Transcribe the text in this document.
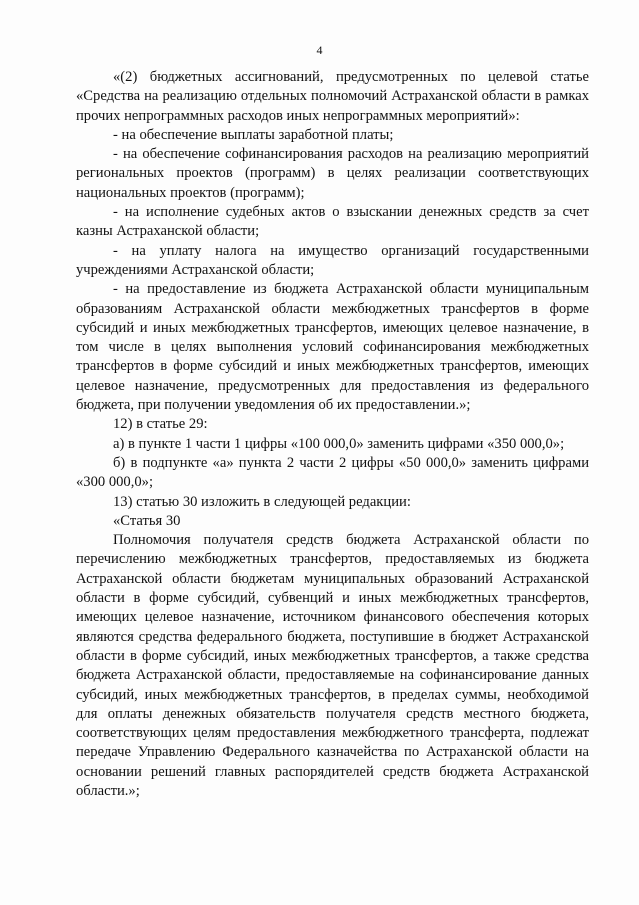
4

«(2) бюджетных ассигнований, предусмотренных по целевой статье «Средства на реализацию отдельных полномочий Астраханской области в рамках прочих непрограммных расходов иных непрограммных мероприятий»:

- на обеспечение выплаты заработной платы;

- на обеспечение софинансирования расходов на реализацию мероприятий региональных проектов (программ) в целях реализации соответствующих национальных проектов (программ);

- на исполнение судебных актов о взыскании денежных средств за счет казны Астраханской области;

- на уплату налога на имущество организаций государственными учреждениями Астраханской области;

- на предоставление из бюджета Астраханской области муниципальным образованиям Астраханской области межбюджетных трансфертов в форме субсидий и иных межбюджетных трансфертов, имеющих целевое назначение, в том числе в целях выполнения условий софинансирования межбюджетных трансфертов в форме субсидий и иных межбюджетных трансфертов, имеющих целевое назначение, предусмотренных для предоставления из федерального бюджета, при получении уведомления об их предоставлении.»;

12) в статье 29:

а) в пункте 1 части 1 цифры «100 000,0» заменить цифрами «350 000,0»;

б) в подпункте «а» пункта 2 части 2 цифры «50 000,0» заменить цифрами «300 000,0»;

13) статью 30 изложить в следующей редакции:

«Статья 30

Полномочия получателя средств бюджета Астраханской области по перечислению межбюджетных трансфертов, предоставляемых из бюджета Астраханской области бюджетам муниципальных образований Астраханской области в форме субсидий, субвенций и иных межбюджетных трансфертов, имеющих целевое назначение, источником финансового обеспечения которых являются средства федерального бюджета, поступившие в бюджет Астраханской области в форме субсидий, иных межбюджетных трансфертов, а также средства бюджета Астраханской области, предоставляемые на софинансирование данных субсидий, иных межбюджетных трансфертов, в пределах суммы, необходимой для оплаты денежных обязательств получателя средств местного бюджета, соответствующих целям предоставления межбюджетного трансферта, подлежат передаче Управлению Федерального казначейства по Астраханской области на основании решений главных распорядителей средств бюджета Астраханской области.»;
